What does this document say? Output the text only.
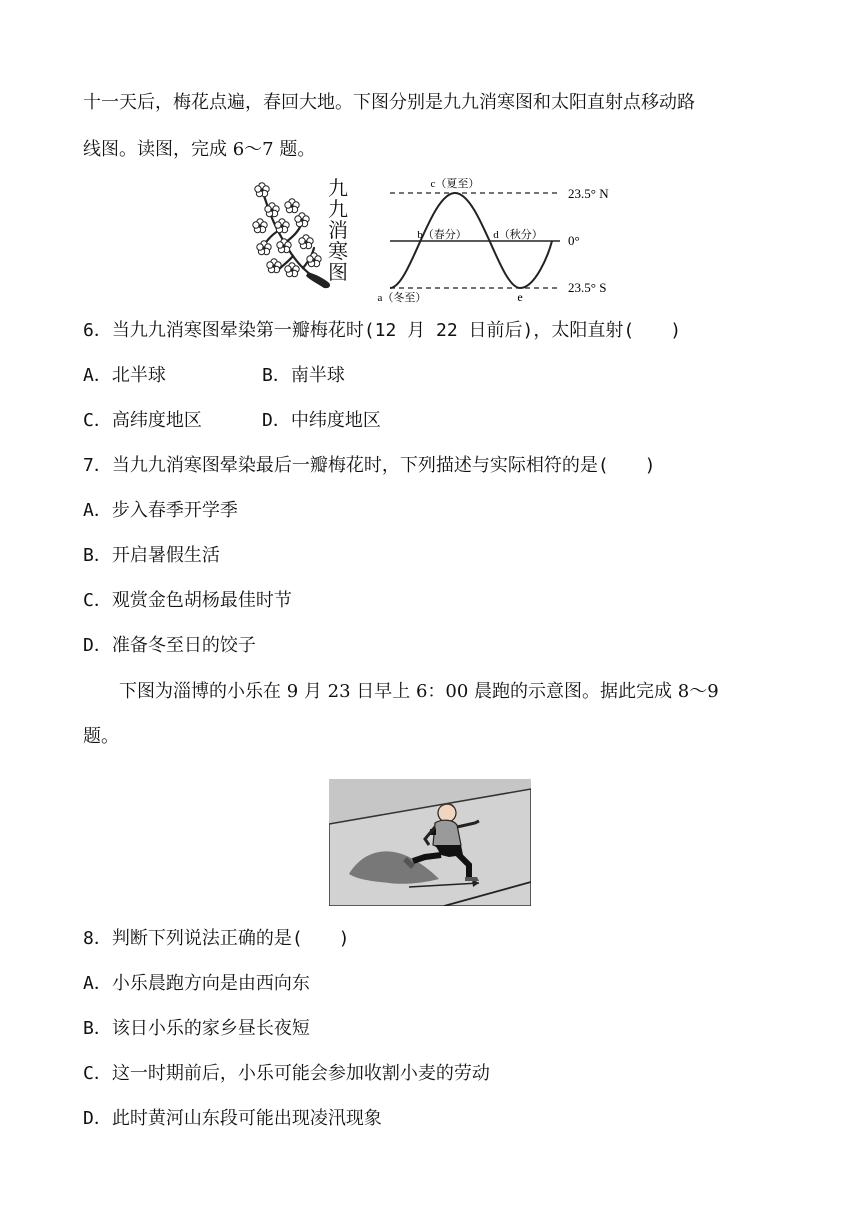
十一天后，梅花点遍，春回大地。下图分别是九九消寒图和太阳直射点移动路
线图。读图，完成 6～7 题。
九
九
消
寒
图
c（夏至）
b（春分） d（秋分）
a（冬至）	e
23.5° N
0°
23.5° S
6．当九九消寒图晕染第一瓣梅花时(12 月 22 日前后)，太阳直射(　　)
A．北半球	B．南半球
C．高纬度地区	D．中纬度地区
7．当九九消寒图晕染最后一瓣梅花时，下列描述与实际相符的是(　　)
A．步入春季开学季
B．开启暑假生活
C．观赏金色胡杨最佳时节
D．准备冬至日的饺子
下图为淄博的小乐在 9 月 23 日早上 6：00 晨跑的示意图。据此完成 8～9
题。
8．判断下列说法正确的是(　　)
A．小乐晨跑方向是由西向东
B．该日小乐的家乡昼长夜短
C．这一时期前后，小乐可能会参加收割小麦的劳动
D．此时黄河山东段可能出现凌汛现象
